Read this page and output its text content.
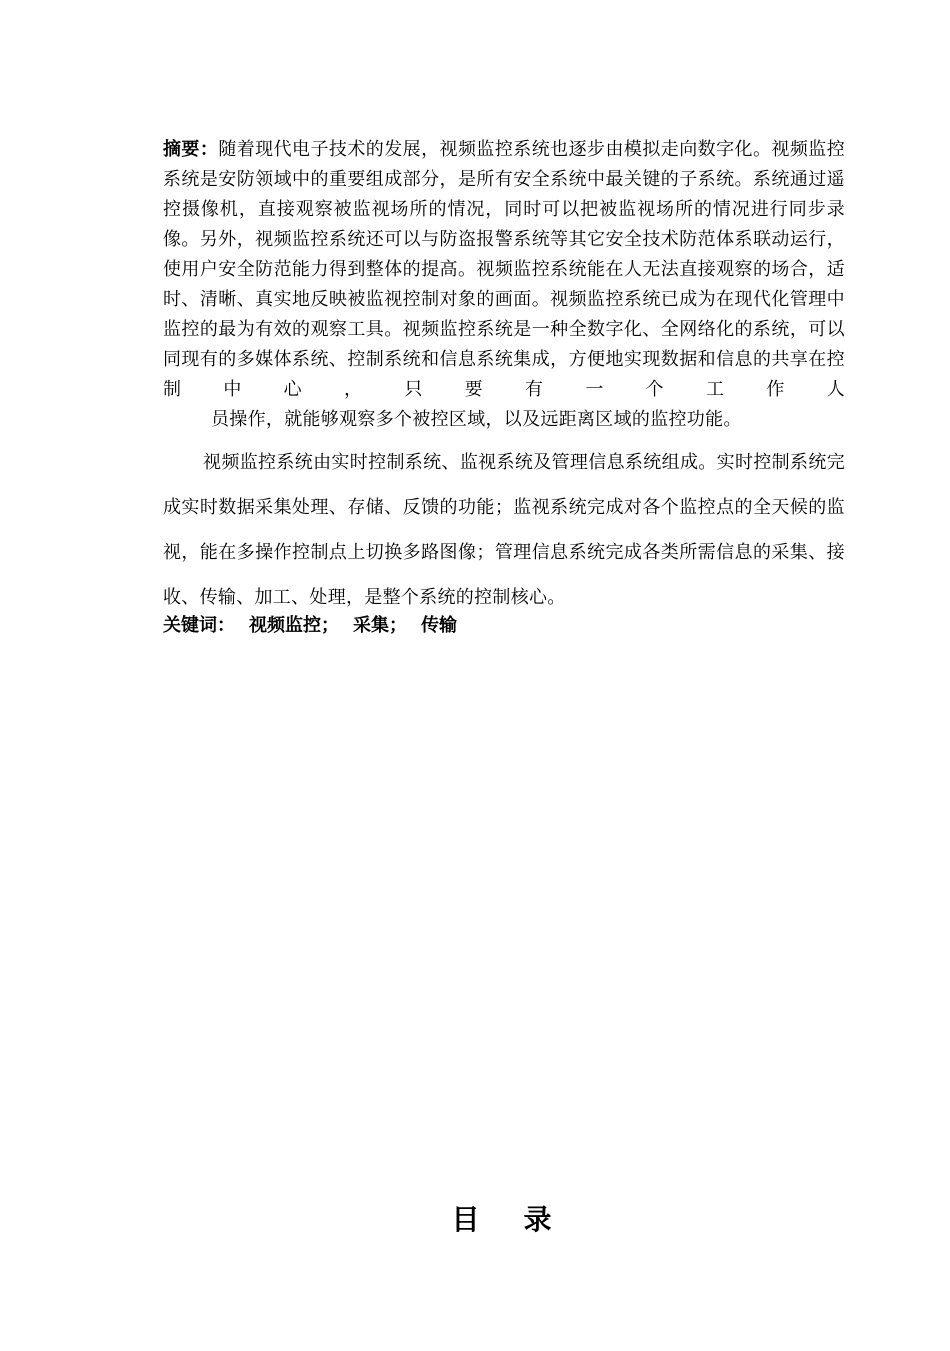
摘要：随着现代电子技术的发展，视频监控系统也逐步由模拟走向数字化。视频监控系统是安防领域中的重要组成部分，是所有安全系统中最关键的子系统。系统通过遥控摄像机，直接观察被监视场所的情况，同时可以把被监视场所的情况进行同步录像。另外，视频监控系统还可以与防盗报警系统等其它安全技术防范体系联动运行，使用户安全防范能力得到整体的提高。视频监控系统能在人无法直接观察的场合，适时、清晰、真实地反映被监视控制对象的画面。视频监控系统已成为在现代化管理中监控的最为有效的观察工具。视频监控系统是一种全数字化、全网络化的系统，可以同现有的多媒体系统、控制系统和信息系统集成，方便地实现数据和信息的共享在控制中心，只要有一个工作人
员操作，就能够观察多个被控区域，以及远距离区域的监控功能。
视频监控系统由实时控制系统、监视系统及管理信息系统组成。实时控制系统完成实时数据采集处理、存储、反馈的功能；监视系统完成对各个监控点的全天候的监视，能在多操作控制点上切换多路图像；管理信息系统完成各类所需信息的采集、接收、传输、加工、处理，是整个系统的控制核心。
关键词： 视频监控； 采集； 传输
目录
